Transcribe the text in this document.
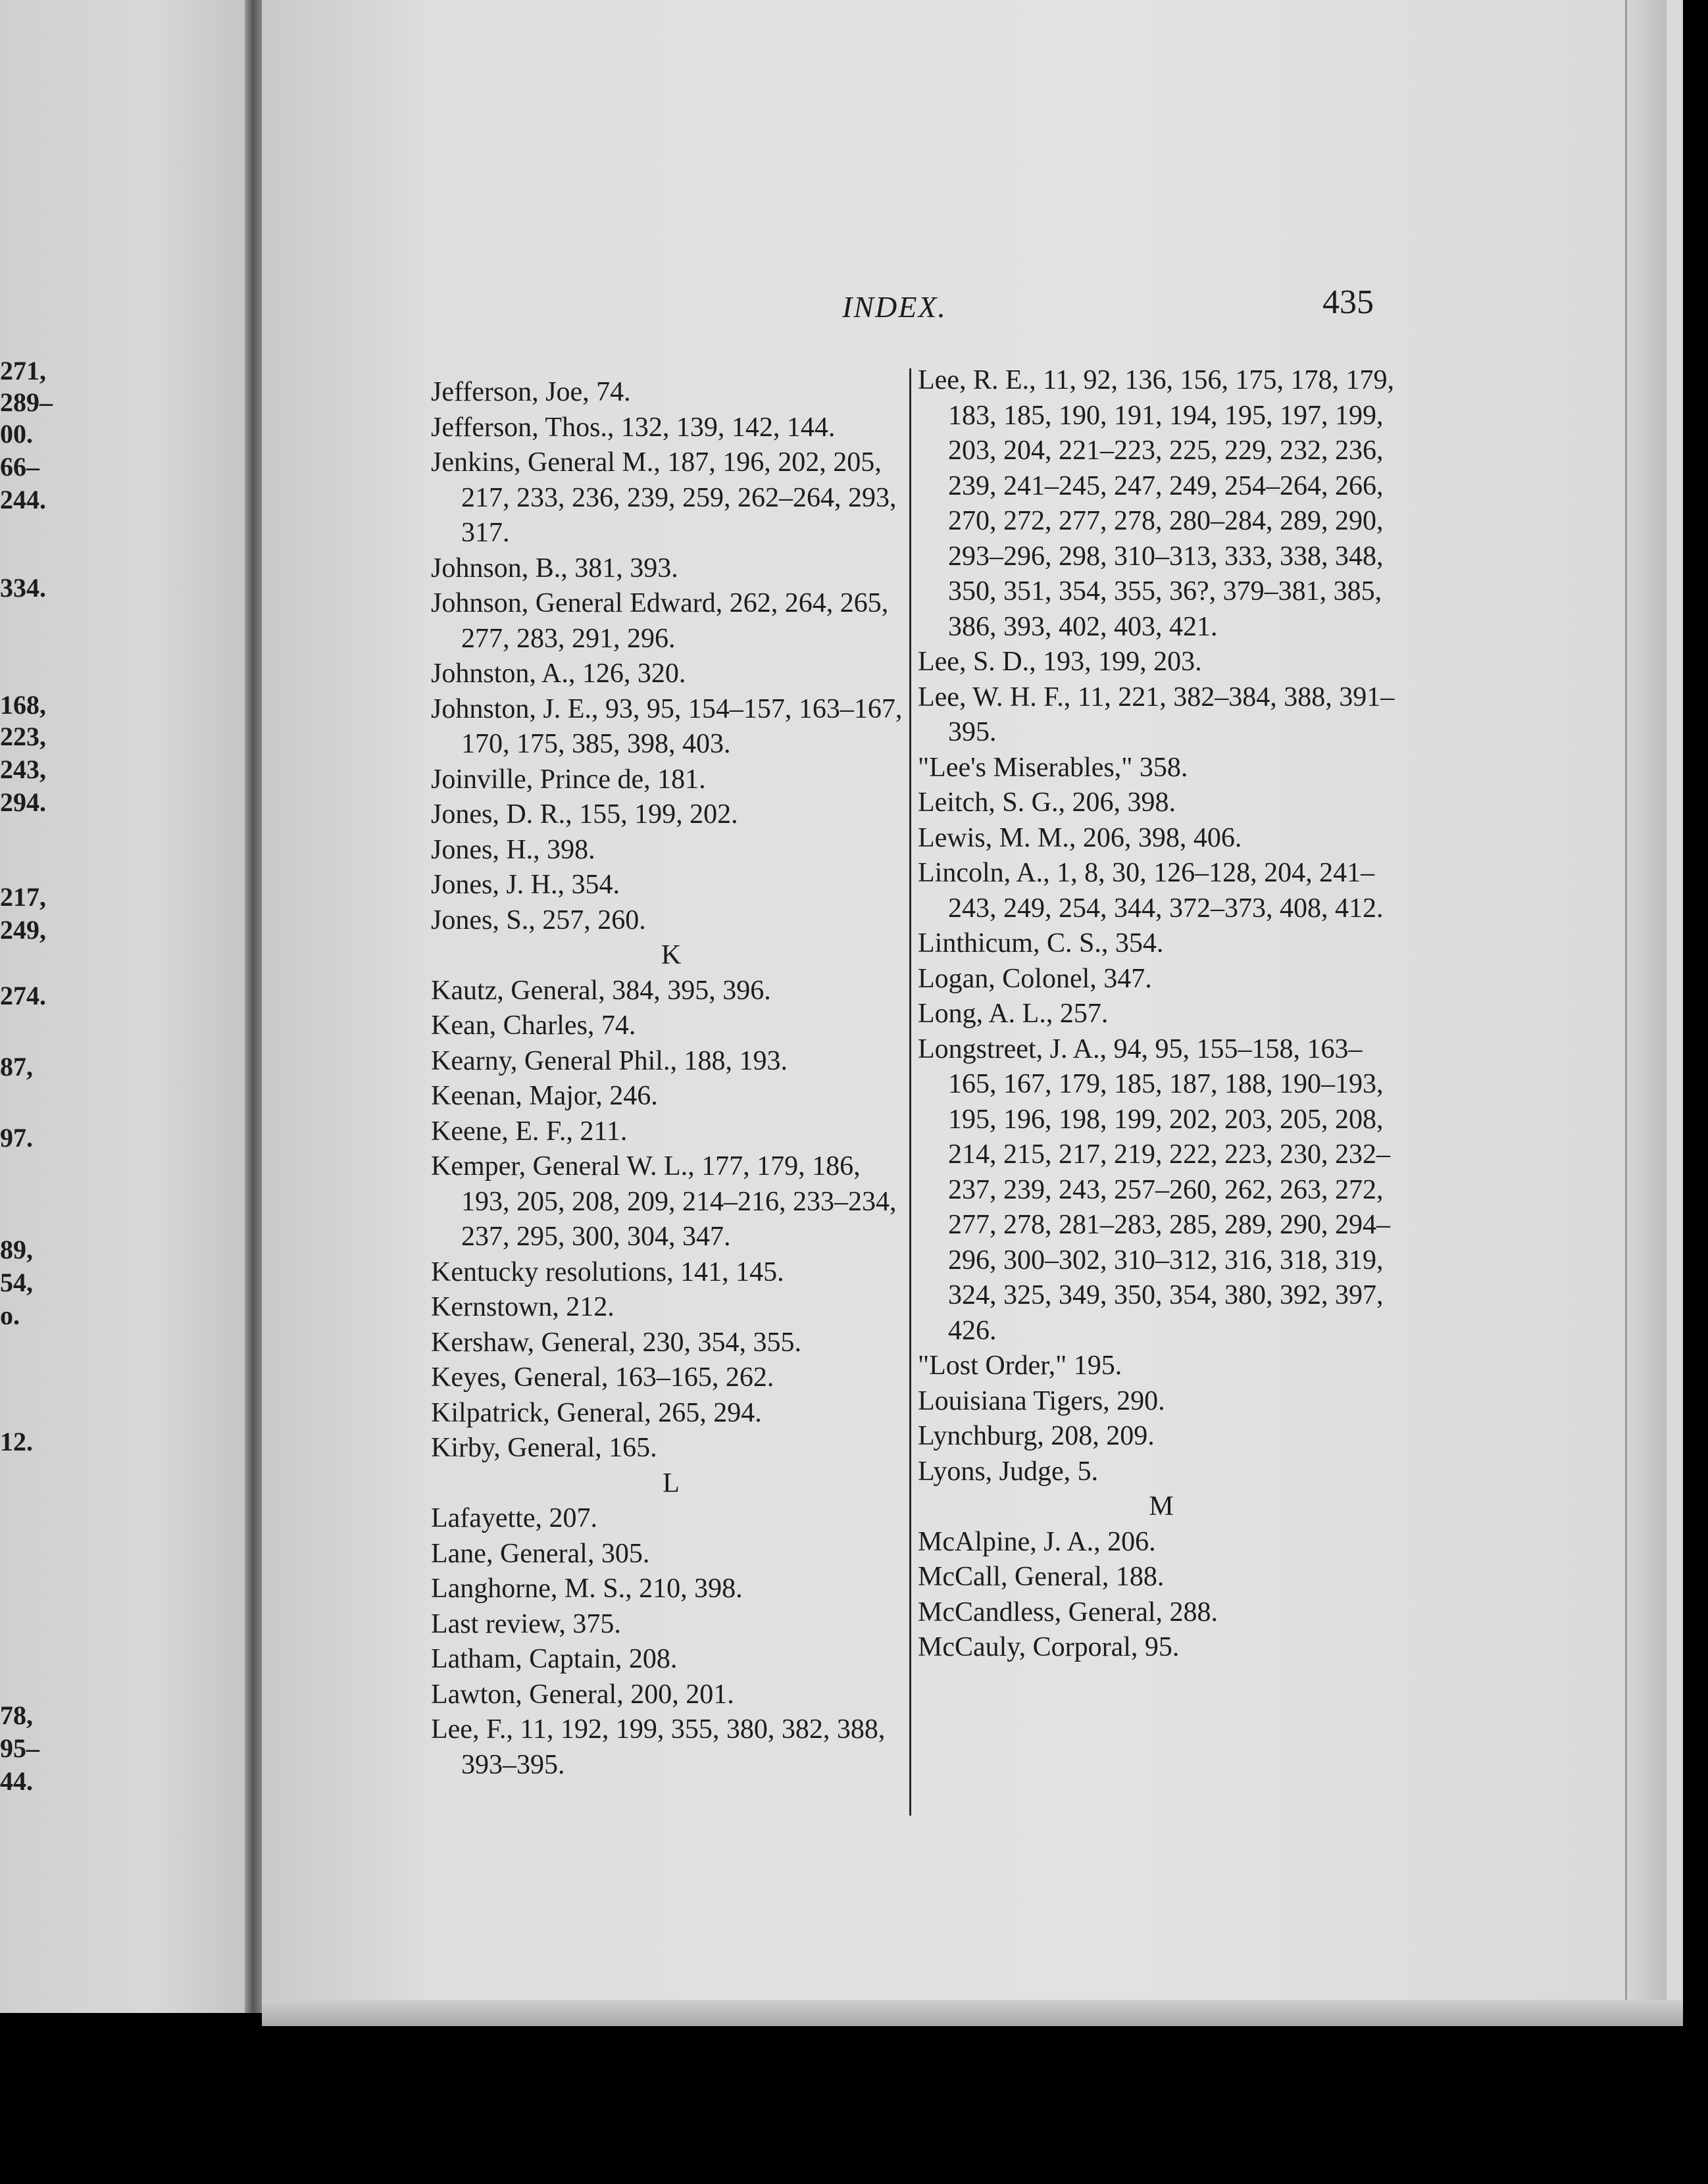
271,
289–
00.
66–
244.
334.
168,
223,
243,
294.
217,
249,
274.
87,
97.
89,
54,
o.
12.
78,
95–
44.
INDEX.	435
Jefferson, Joe, 74.
Jefferson, Thos., 132, 139, 142, 144.
Jenkins, General M., 187, 196, 202, 205, 217, 233, 236, 239, 259, 262–264, 293, 317.
Johnson, B., 381, 393.
Johnson, General Edward, 262, 264, 265, 277, 283, 291, 296.
Johnston, A., 126, 320.
Johnston, J. E., 93, 95, 154–157, 163–167, 170, 175, 385, 398, 403.
Joinville, Prince de, 181.
Jones, D. R., 155, 199, 202.
Jones, H., 398.
Jones, J. H., 354.
Jones, S., 257, 260.
K
Kautz, General, 384, 395, 396.
Kean, Charles, 74.
Kearny, General Phil., 188, 193.
Keenan, Major, 246.
Keene, E. F., 211.
Kemper, General W. L., 177, 179, 186, 193, 205, 208, 209, 214–216, 233–234, 237, 295, 300, 304, 347.
Kentucky resolutions, 141, 145.
Kernstown, 212.
Kershaw, General, 230, 354, 355.
Keyes, General, 163–165, 262.
Kilpatrick, General, 265, 294.
Kirby, General, 165.
L
Lafayette, 207.
Lane, General, 305.
Langhorne, M. S., 210, 398.
Last review, 375.
Latham, Captain, 208.
Lawton, General, 200, 201.
Lee, F., 11, 192, 199, 355, 380, 382, 388, 393–395.
Lee, R. E., 11, 92, 136, 156, 175, 178, 179, 183, 185, 190, 191, 194, 195, 197, 199, 203, 204, 221–223, 225, 229, 232, 236, 239, 241–245, 247, 249, 254–264, 266, 270, 272, 277, 278, 280–284, 289, 290, 293–296, 298, 310–313, 333, 338, 348, 350, 351, 354, 355, 36?, 379–381, 385, 386, 393, 402, 403, 421.
Lee, S. D., 193, 199, 203.
Lee, W. H. F., 11, 221, 382–384, 388, 391–395.
"Lee's Miserables," 358.
Leitch, S. G., 206, 398.
Lewis, M. M., 206, 398, 406.
Lincoln, A., 1, 8, 30, 126–128, 204, 241–243, 249, 254, 344, 372–373, 408, 412.
Linthicum, C. S., 354.
Logan, Colonel, 347.
Long, A. L., 257.
Longstreet, J. A., 94, 95, 155–158, 163–165, 167, 179, 185, 187, 188, 190–193, 195, 196, 198, 199, 202, 203, 205, 208, 214, 215, 217, 219, 222, 223, 230, 232–237, 239, 243, 257–260, 262, 263, 272, 277, 278, 281–283, 285, 289, 290, 294–296, 300–302, 310–312, 316, 318, 319, 324, 325, 349, 350, 354, 380, 392, 397, 426.
"Lost Order," 195.
Louisiana Tigers, 290.
Lynchburg, 208, 209.
Lyons, Judge, 5.
M
McAlpine, J. A., 206.
McCall, General, 188.
McCandless, General, 288.
McCauly, Corporal, 95.
